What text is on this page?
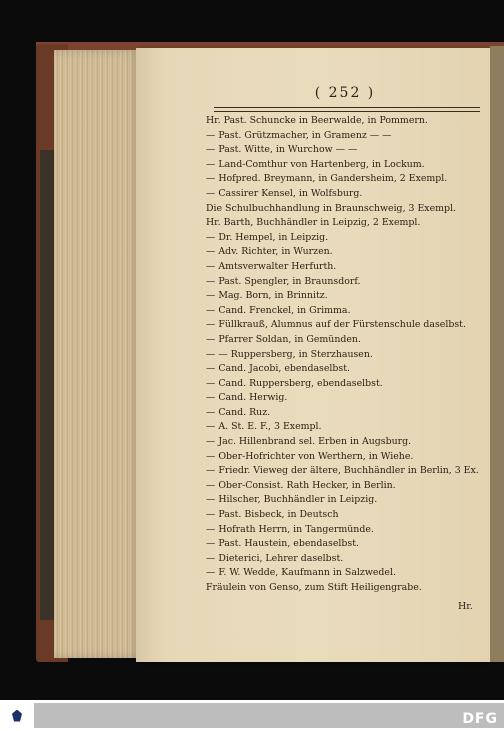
( 252 )
Hr. Past. Schuncke in Beerwalde, in Pommern.
— Past. Grützmacher, in Gramenz — —
— Past. Witte, in Wurchow — —
— Land-Comthur von Hartenberg, in Lockum.
— Hofpred. Breymann, in Gandersheim, 2 Exempl.
— Cassirer Kensel, in Wolfsburg.
Die Schulbuchhandlung in Braunschweig, 3 Exempl.
Hr. Barth, Buchhändler in Leipzig, 2 Exempl.
— Dr. Hempel, in Leipzig.
— Adv. Richter, in Wurzen.
— Amtsverwalter Herfurth.
— Past. Spengler, in Braunsdorf.
— Mag. Born, in Brinnitz.
— Cand. Frenckel, in Grimma.
— Füllkrauß, Alumnus auf der Fürstenschule daselbst.
— Pfarrer Soldan, in Gemünden.
— — Ruppersberg, in Sterzhausen.
— Cand. Jacobi, ebendaselbst.
— Cand. Ruppersberg, ebendaselbst.
— Cand. Herwig.
— Cand. Ruz.
— A. St. E. F., 3 Exempl.
— Jac. Hillenbrand sel. Erben in Augsburg.
— Ober-Hofrichter von Werthern, in Wiehe.
— Friedr. Vieweg der ältere, Buchhändler in Berlin, 3 Ex.
— Ober-Consist. Rath Hecker, in Berlin.
— Hilscher, Buchhändler in Leipzig.
— Past. Bisbeck, in Deutsch
— Hofrath Herrn, in Tangermünde.
— Past. Haustein, ebendaselbst.
— Dieterici, Lehrer daselbst.
— F. W. Wedde, Kaufmann in Salzwedel.
Fräulein von Genso, zum Stift Heiligengrabe.
Hr.
DFG
